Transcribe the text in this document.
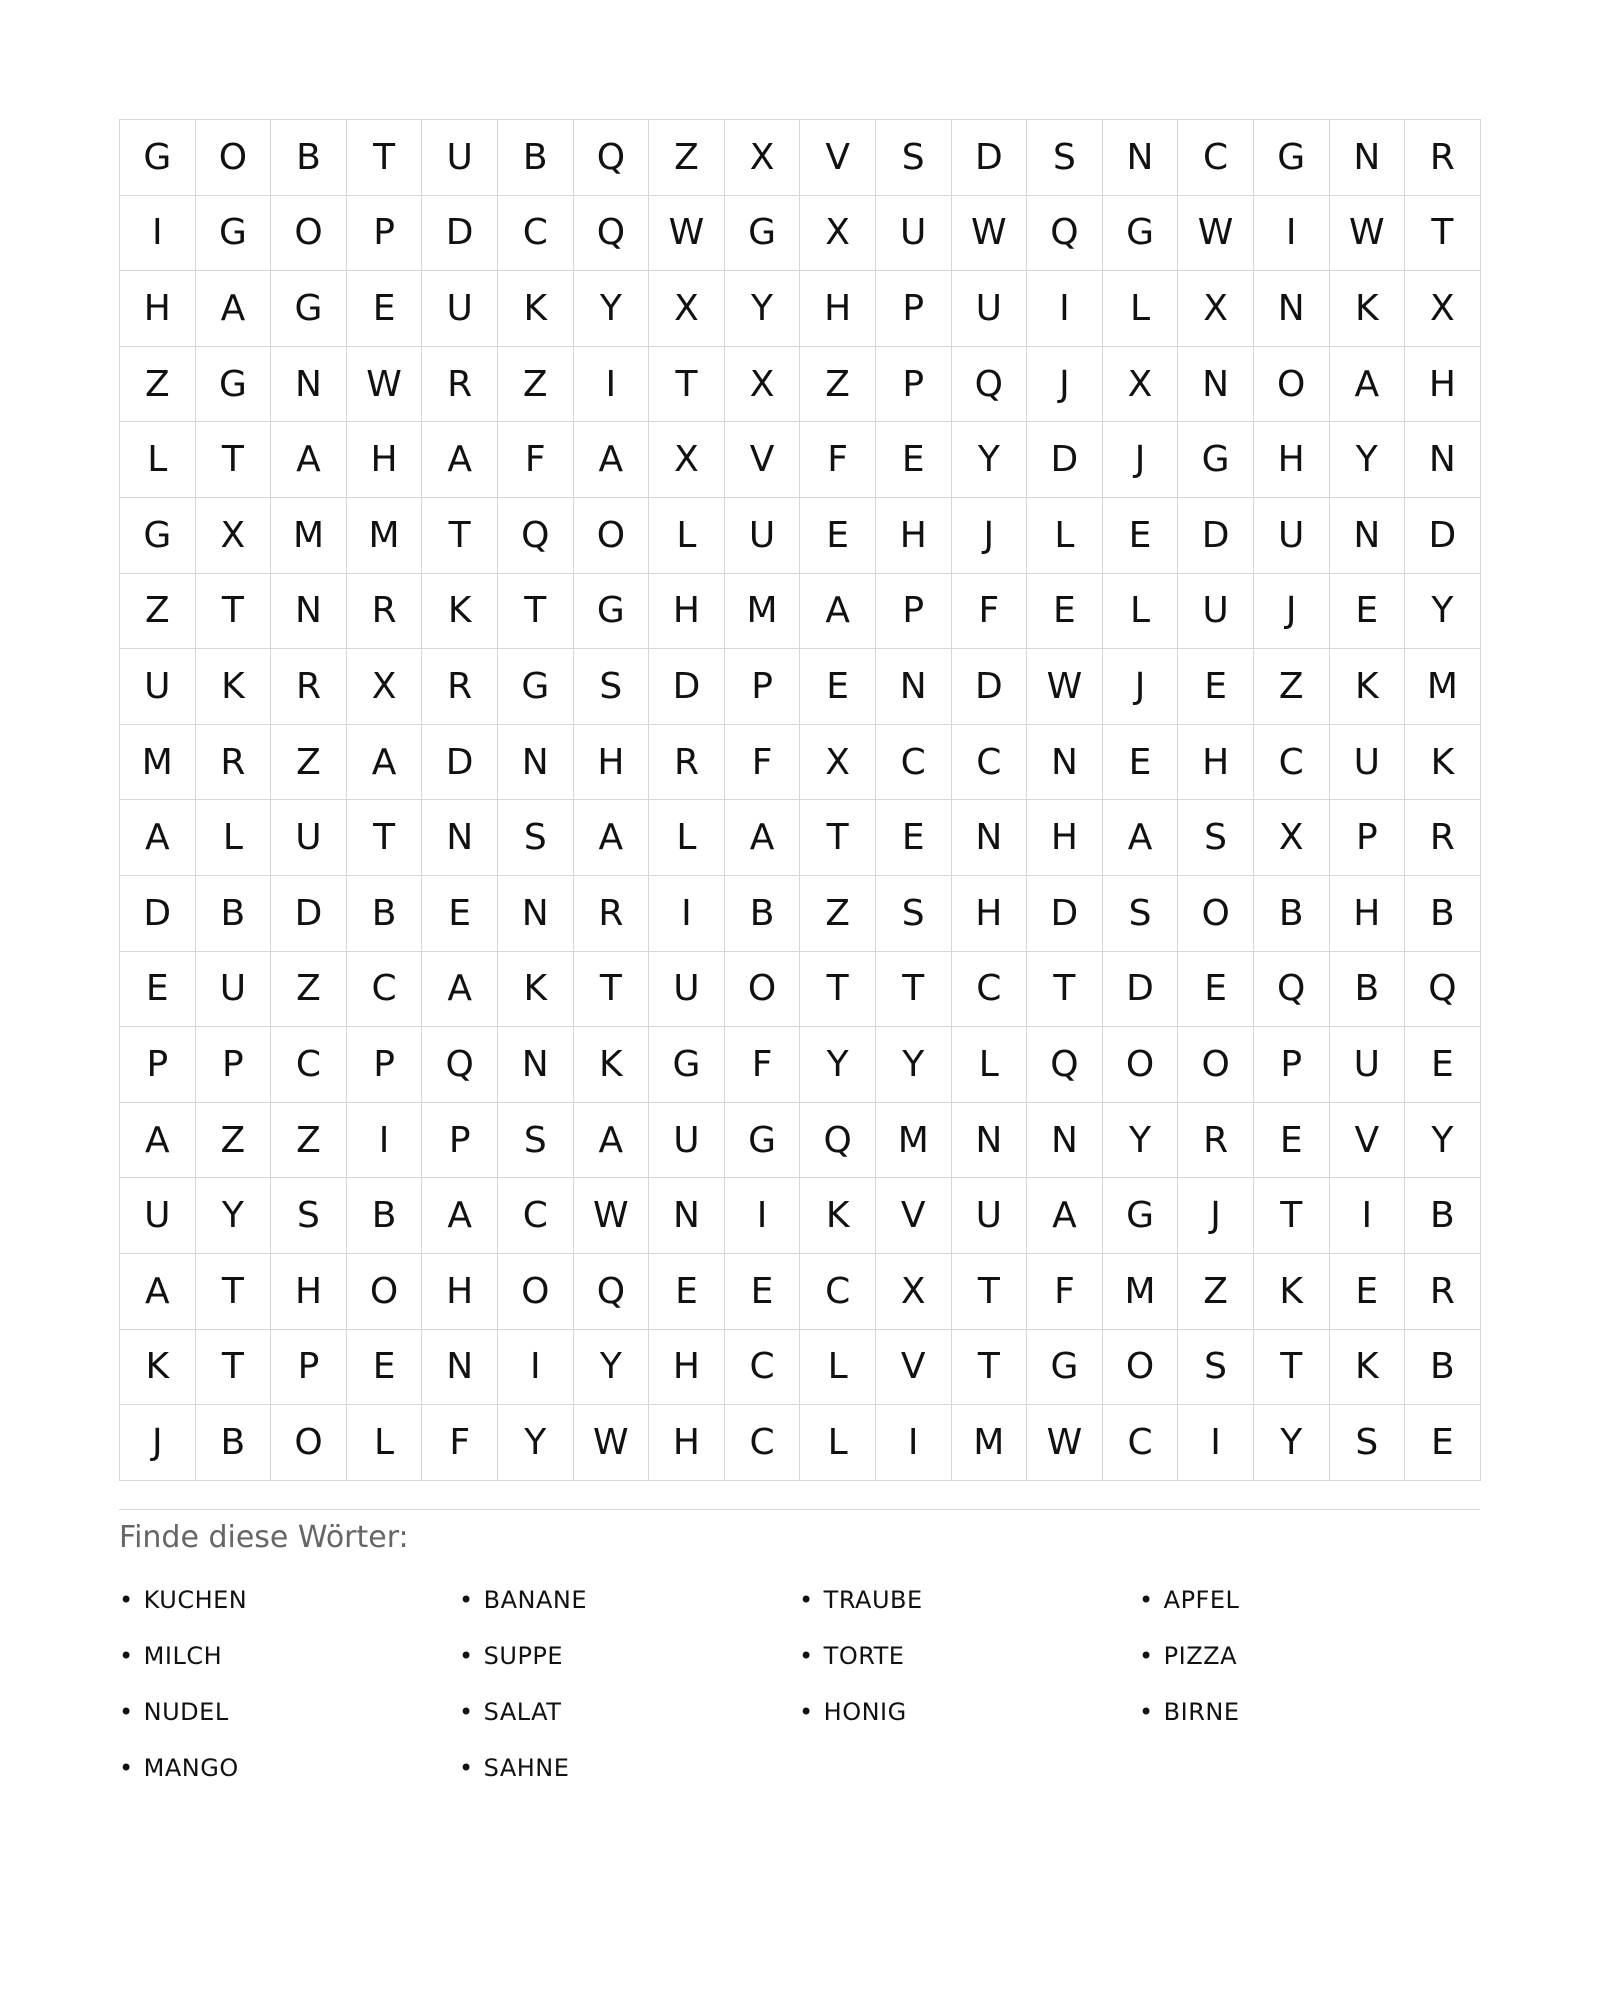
G	O	B	T	U	B	Q	Z	X	V	S	D	S	N	C	G	N	R
I	G	O	P	D	C	Q	W	G	X	U	W	Q	G	W	I	W	T
H	A	G	E	U	K	Y	X	Y	H	P	U	I	L	X	N	K	X
Z	G	N	W	R	Z	I	T	X	Z	P	Q	J	X	N	O	A	H
L	T	A	H	A	F	A	X	V	F	E	Y	D	J	G	H	Y	N
G	X	M	M	T	Q	O	L	U	E	H	J	L	E	D	U	N	D
Z	T	N	R	K	T	G	H	M	A	P	F	E	L	U	J	E	Y
U	K	R	X	R	G	S	D	P	E	N	D	W	J	E	Z	K	M
M	R	Z	A	D	N	H	R	F	X	C	C	N	E	H	C	U	K
A	L	U	T	N	S	A	L	A	T	E	N	H	A	S	X	P	R
D	B	D	B	E	N	R	I	B	Z	S	H	D	S	O	B	H	B
E	U	Z	C	A	K	T	U	O	T	T	C	T	D	E	Q	B	Q
P	P	C	P	Q	N	K	G	F	Y	Y	L	Q	O	O	P	U	E
A	Z	Z	I	P	S	A	U	G	Q	M	N	N	Y	R	E	V	Y
U	Y	S	B	A	C	W	N	I	K	V	U	A	G	J	T	I	B
A	T	H	O	H	O	Q	E	E	C	X	T	F	M	Z	K	E	R
K	T	P	E	N	I	Y	H	C	L	V	T	G	O	S	T	K	B
J	B	O	L	F	Y	W	H	C	L	I	M	W	C	I	Y	S	E
Finde diese Wörter:
• KUCHEN	• BANANE	• TRAUBE	• APFEL
• MILCH	• SUPPE	• TORTE	• PIZZA
• NUDEL	• SALAT	• HONIG	• BIRNE
• MANGO	• SAHNE
